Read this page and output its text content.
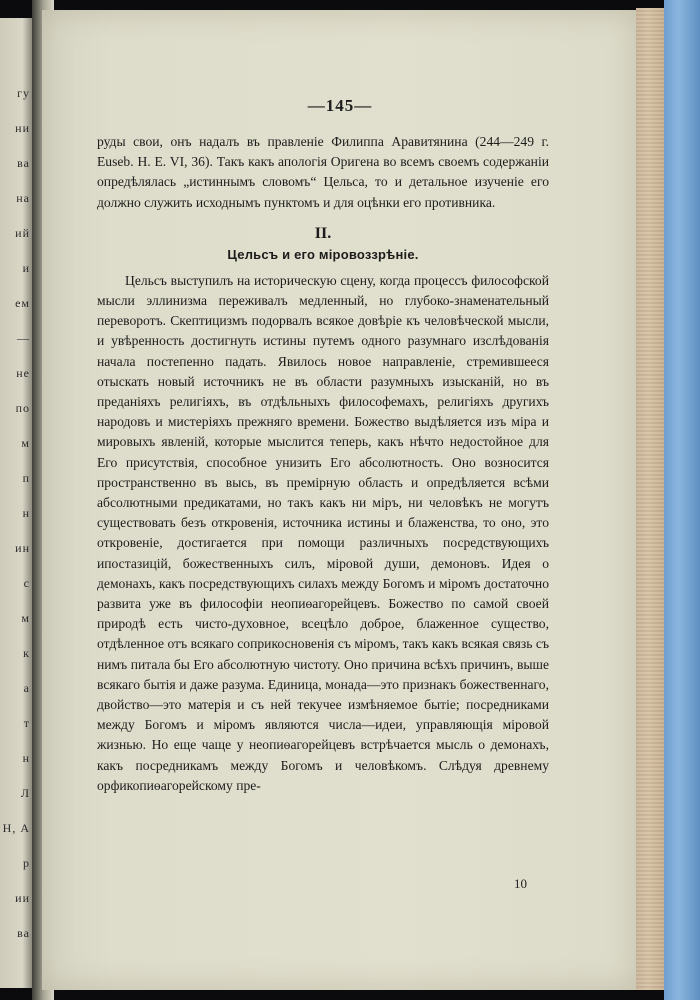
гу
ни
ва
на
ий
и
ем
—
не
по
м
п
н
ин
с
м
к
а
т
н
Л
Н, А
р
ии
ва
—145—

руды свои, онъ надалъ въ правленіе Филиппа Аравитянина (244—249 г. Euseb. H. E. VI, 36). Такъ какъ апологія Оригена во всемъ своемъ содержаніи опредѣлялась „истиннымъ словомъ“ Цельса, то и детальное изученіе его должно служить исходнымъ пунктомъ и для оцѣнки его противника.

II.
Цельсъ и его міровоззрѣніе.

Цельсъ выступилъ на историческую сцену, когда процессъ философской мысли эллинизма переживалъ медленный, но глубоко-знаменательный переворотъ. Скептицизмъ подорвалъ всякое довѣріе къ человѣческой мысли, и увѣренность достигнуть истины путемъ одного разумнаго изслѣдованія начала постепенно падать. Явилось новое направленіе, стремившееся отыскать новый источникъ не въ области разумныхъ изысканій, но въ преданіяхъ религіяхъ, въ отдѣльныхъ философемахъ, религіяхъ другихъ народовъ и мистеріяхъ прежняго времени. Божество выдѣляется изъ міра и мировыхъ явленій, которые мыслится теперь, какъ нѣчто недостойное для Его присутствія, способное унизить Его абсолютность. Оно возносится пространственно въ высь, въ премірную область и опредѣляется всѣми абсолютными предикатами, но такъ какъ ни міръ, ни человѣкъ не могутъ существовать безъ откровенія, источника истины и блаженства, то оно, это откровеніе, достигается при помощи различныхъ посредствующихъ ипостазицій, божественныхъ силъ, міровой души, демоновъ. Идея о демонахъ, какъ посредствующихъ силахъ между Богомъ и міромъ достаточно развита уже въ философіи неопиѳагорейцевъ. Божество по самой своей природѣ есть чисто-духовное, всецѣло доброе, блаженное существо, отдѣленное отъ всякаго соприкосновенія съ міромъ, такъ какъ всякая связь съ нимъ питала бы Его абсолютную чистоту. Оно причина всѣхъ причинъ, выше всякаго бытія и даже разума. Единица, монада—это признакъ божественнаго, двойство—это матерія и съ ней текучее измѣняемое бытіе; посредниками между Богомъ и міромъ являются числа—идеи, управляющія міровой жизнью. Но еще чаще у неопиѳагорейцевъ встрѣчается мысль о демонахъ, какъ посредникамъ между Богомъ и человѣкомъ. Слѣдуя древнему орфикопиѳагорейскому пре-

10
